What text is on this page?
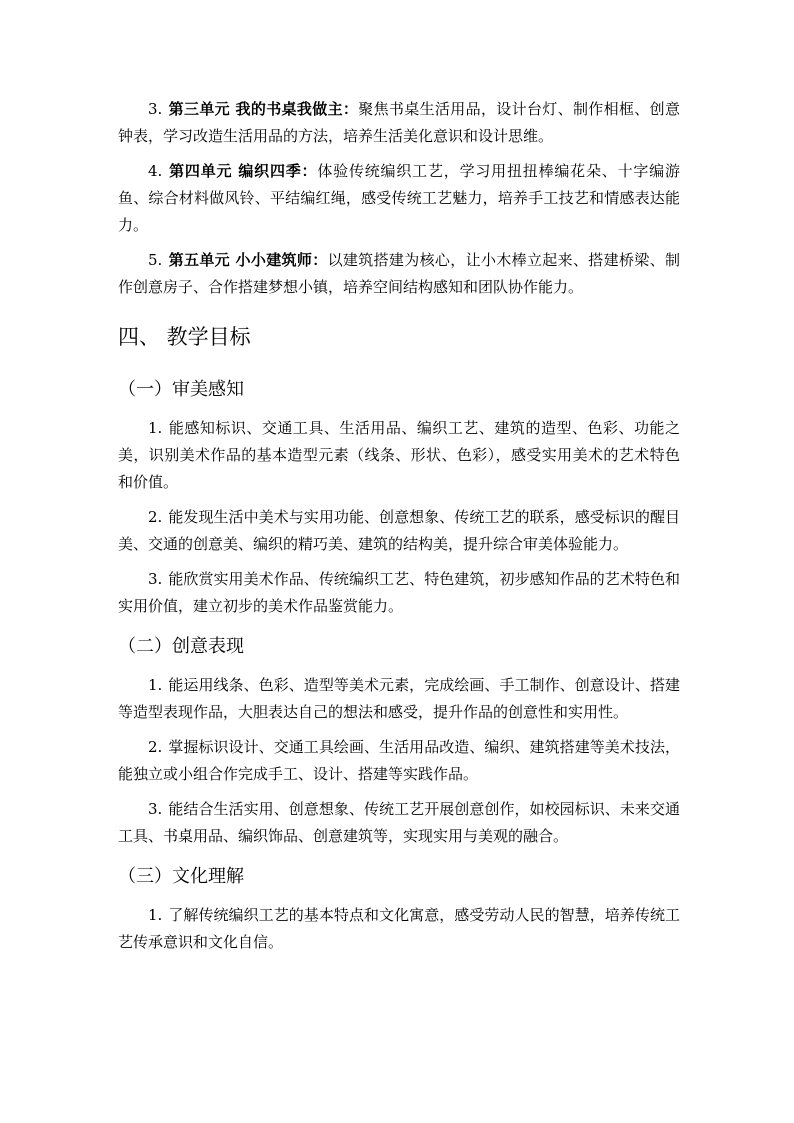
3. 第三单元 我的书桌我做主：聚焦书桌生活用品，设计台灯、制作相框、创意钟表，学习改造生活用品的方法，培养生活美化意识和设计思维。

4. 第四单元 编织四季：体验传统编织工艺，学习用扭扭棒编花朵、十字编游鱼、综合材料做风铃、平结编红绳，感受传统工艺魅力，培养手工技艺和情感表达能力。

5. 第五单元 小小建筑师：以建筑搭建为核心，让小木棒立起来、搭建桥梁、制作创意房子、合作搭建梦想小镇，培养空间结构感知和团队协作能力。

四、 教学目标
（一）审美感知

1. 能感知标识、交通工具、生活用品、编织工艺、建筑的造型、色彩、功能之美，识别美术作品的基本造型元素（线条、形状、色彩），感受实用美术的艺术特色和价值。

2. 能发现生活中美术与实用功能、创意想象、传统工艺的联系，感受标识的醒目美、交通的创意美、编织的精巧美、建筑的结构美，提升综合审美体验能力。

3. 能欣赏实用美术作品、传统编织工艺、特色建筑，初步感知作品的艺术特色和实用价值，建立初步的美术作品鉴赏能力。

（二）创意表现

1. 能运用线条、色彩、造型等美术元素，完成绘画、手工制作、创意设计、搭建等造型表现作品，大胆表达自己的想法和感受，提升作品的创意性和实用性。

2. 掌握标识设计、交通工具绘画、生活用品改造、编织、建筑搭建等美术技法，能独立或小组合作完成手工、设计、搭建等实践作品。

3. 能结合生活实用、创意想象、传统工艺开展创意创作，如校园标识、未来交通工具、书桌用品、编织饰品、创意建筑等，实现实用与美观的融合。

（三）文化理解

1. 了解传统编织工艺的基本特点和文化寓意，感受劳动人民的智慧，培养传统工艺传承意识和文化自信。
